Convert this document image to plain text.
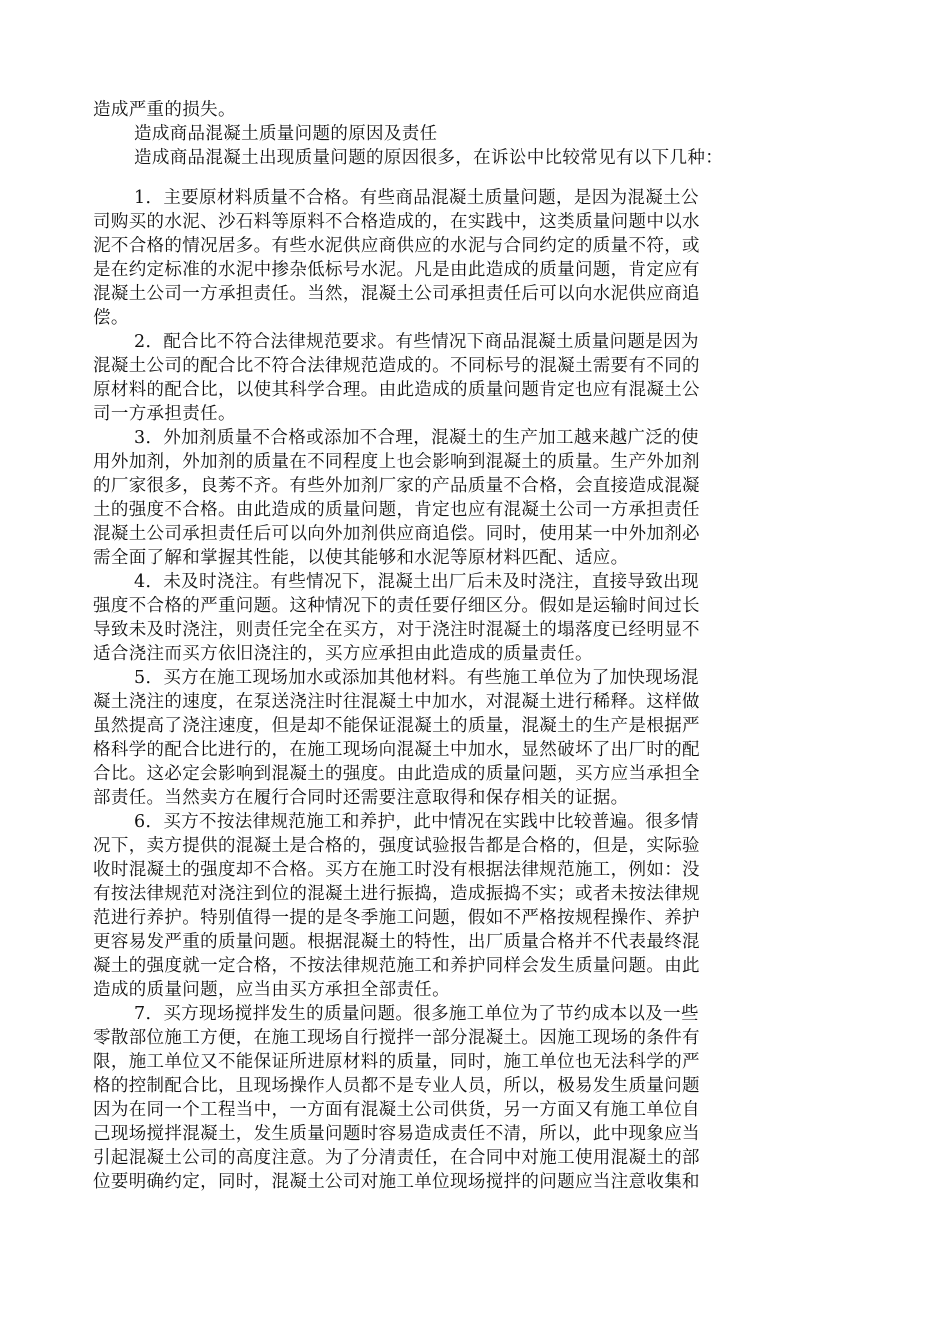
造成严重的损失。
造成商品混凝土质量问题的原因及责任
造成商品混凝土出现质量问题的原因很多，在诉讼中比较常见有以下几种：
1．主要原材料质量不合格。有些商品混凝土质量问题，是因为混凝土公
司购买的水泥、沙石料等原料不合格造成的，在实践中，这类质量问题中以水
泥不合格的情况居多。有些水泥供应商供应的水泥与合同约定的质量不符，或
是在约定标准的水泥中掺杂低标号水泥。凡是由此造成的质量问题，肯定应有
混凝土公司一方承担责任。当然，混凝土公司承担责任后可以向水泥供应商追
偿。
2．配合比不符合法律规范要求。有些情况下商品混凝土质量问题是因为
混凝土公司的配合比不符合法律规范造成的。不同标号的混凝土需要有不同的
原材料的配合比，以使其科学合理。由此造成的质量问题肯定也应有混凝土公
司一方承担责任。
3．外加剂质量不合格或添加不合理，混凝土的生产加工越来越广泛的使
用外加剂，外加剂的质量在不同程度上也会影响到混凝土的质量。生产外加剂
的厂家很多，良莠不齐。有些外加剂厂家的产品质量不合格，会直接造成混凝
土的强度不合格。由此造成的质量问题，肯定也应有混凝土公司一方承担责任
混凝土公司承担责任后可以向外加剂供应商追偿。同时，使用某一中外加剂必
需全面了解和掌握其性能，以使其能够和水泥等原材料匹配、适应。
4．未及时浇注。有些情况下，混凝土出厂后未及时浇注，直接导致出现
强度不合格的严重问题。这种情况下的责任要仔细区分。假如是运输时间过长
导致未及时浇注，则责任完全在买方，对于浇注时混凝土的塌落度已经明显不
适合浇注而买方依旧浇注的，买方应承担由此造成的质量责任。
5．买方在施工现场加水或添加其他材料。有些施工单位为了加快现场混
凝土浇注的速度，在泵送浇注时往混凝土中加水，对混凝土进行稀释。这样做
虽然提高了浇注速度，但是却不能保证混凝土的质量，混凝土的生产是根据严
格科学的配合比进行的，在施工现场向混凝土中加水，显然破坏了出厂时的配
合比。这必定会影响到混凝土的强度。由此造成的质量问题，买方应当承担全
部责任。当然卖方在履行合同时还需要注意取得和保存相关的证据。
6．买方不按法律规范施工和养护，此中情况在实践中比较普遍。很多情
况下，卖方提供的混凝土是合格的，强度试验报告都是合格的，但是，实际验
收时混凝土的强度却不合格。买方在施工时没有根据法律规范施工，例如：没
有按法律规范对浇注到位的混凝土进行振捣，造成振捣不实；或者未按法律规
范进行养护。特别值得一提的是冬季施工问题，假如不严格按规程操作、养护
更容易发严重的质量问题。根据混凝土的特性，出厂质量合格并不代表最终混
凝土的强度就一定合格，不按法律规范施工和养护同样会发生质量问题。由此
造成的质量问题，应当由买方承担全部责任。
7．买方现场搅拌发生的质量问题。很多施工单位为了节约成本以及一些
零散部位施工方便，在施工现场自行搅拌一部分混凝土。因施工现场的条件有
限，施工单位又不能保证所进原材料的质量，同时，施工单位也无法科学的严
格的控制配合比，且现场操作人员都不是专业人员，所以，极易发生质量问题
因为在同一个工程当中，一方面有混凝土公司供货，另一方面又有施工单位自
己现场搅拌混凝土，发生质量问题时容易造成责任不清，所以，此中现象应当
引起混凝土公司的高度注意。为了分清责任，在合同中对施工使用混凝土的部
位要明确约定，同时，混凝土公司对施工单位现场搅拌的问题应当注意收集和
